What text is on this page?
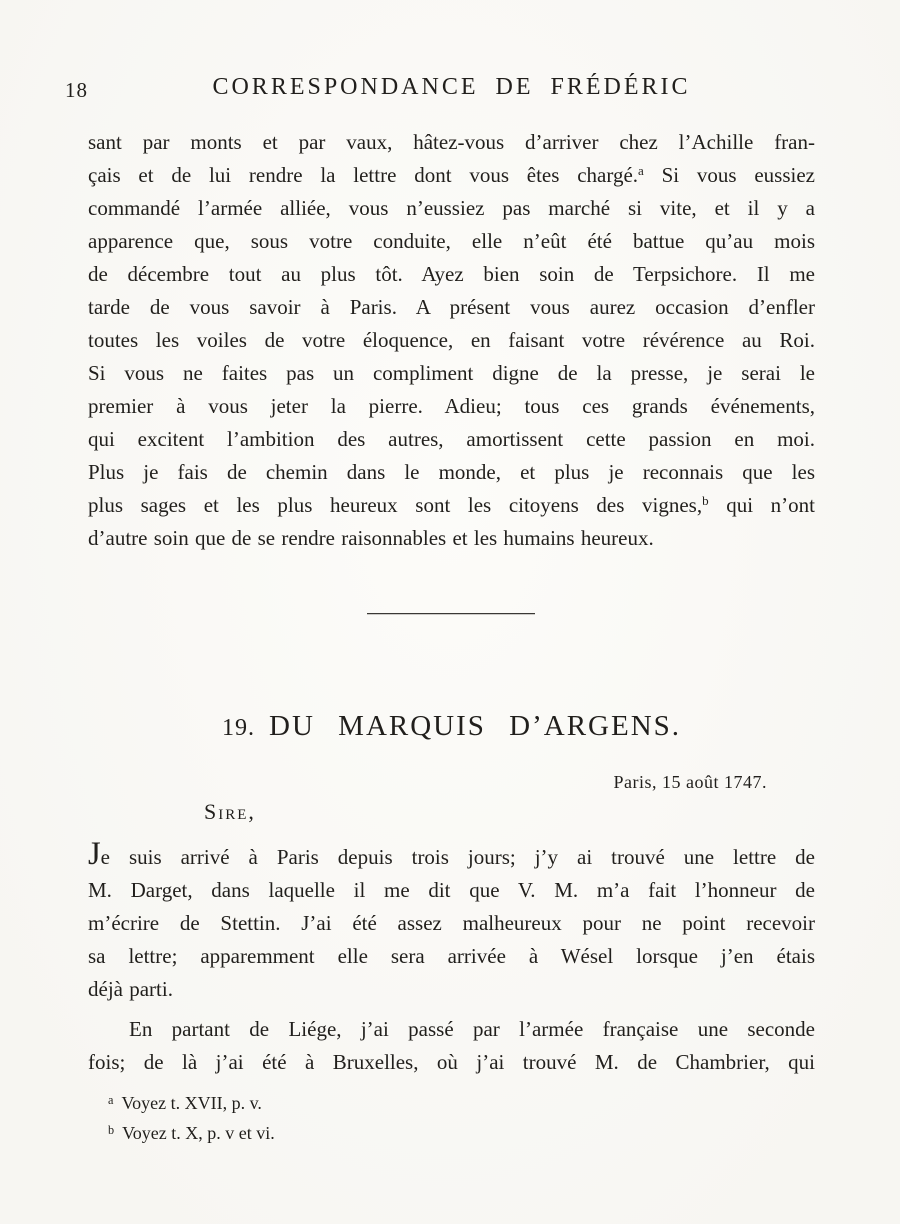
18	CORRESPONDANCE DE FRÉDÉRIC
sant par monts et par vaux, hâtez-vous d’arriver chez l’Achille fran-
çais et de lui rendre la lettre dont vous êtes chargé.$^a$ Si vous eussiez
commandé l’armée alliée, vous n’eussiez pas marché si vite, et il y a
apparence que, sous votre conduite, elle n’eût été battue qu’au mois
de décembre tout au plus tôt. Ayez bien soin de Terpsichore. Il me
tarde de vous savoir à Paris. A présent vous aurez occasion d’enfler
toutes les voiles de votre éloquence, en faisant votre révérence au Roi.
Si vous ne faites pas un compliment digne de la presse, je serai le
premier à vous jeter la pierre. Adieu; tous ces grands événements,
qui excitent l’ambition des autres, amortissent cette passion en moi.
Plus je fais de chemin dans le monde, et plus je reconnais que les
plus sages et les plus heureux sont les citoyens des vignes,$^b$ qui n’ont
d’autre soin que de se rendre raisonnables et les humains heureux.
19. DU MARQUIS D’ARGENS.
Paris, 15 août 1747.
Sire,
Je suis arrivé à Paris depuis trois jours; j’y ai trouvé une lettre de
M. Darget, dans laquelle il me dit que V. M. m’a fait l’honneur de
m’écrire de Stettin. J’ai été assez malheureux pour ne point recevoir
sa lettre; apparemment elle sera arrivée à Wésel lorsque j’en étais
déjà parti.
En partant de Liége, j’ai passé par l’armée française une seconde
fois; de là j’ai été à Bruxelles, où j’ai trouvé M. de Chambrier, qui
$^a$ Voyez t. XVII, p. v.
$^b$ Voyez t. X, p. v et vi.
